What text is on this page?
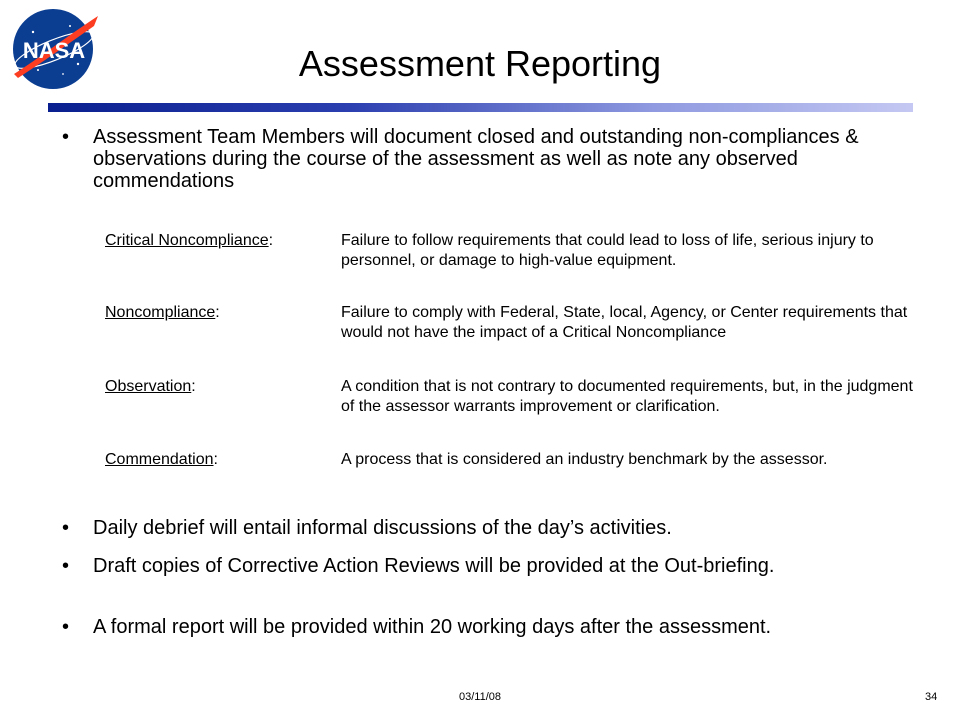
NASA	Assessment Reporting
• Assessment Team Members will document closed and outstanding non-compliances & observations during the course of the assessment as well as note any observed commendations
Critical Noncompliance:	Failure to follow requirements that could lead to loss of life, serious injury to personnel, or damage to high-value equipment.
Noncompliance:	Failure to comply with Federal, State, local, Agency, or Center requirements that would not have the impact of a Critical Noncompliance
Observation:	A condition that is not contrary to documented requirements, but, in the judgment of the assessor warrants improvement or clarification.
Commendation:	A process that is considered an industry benchmark by the assessor.
• Daily debrief will entail informal discussions of the day’s activities.
• Draft copies of Corrective Action Reviews will be provided at the Out-briefing.
• A formal report will be provided within 20 working days after the assessment.
03/11/08	34
